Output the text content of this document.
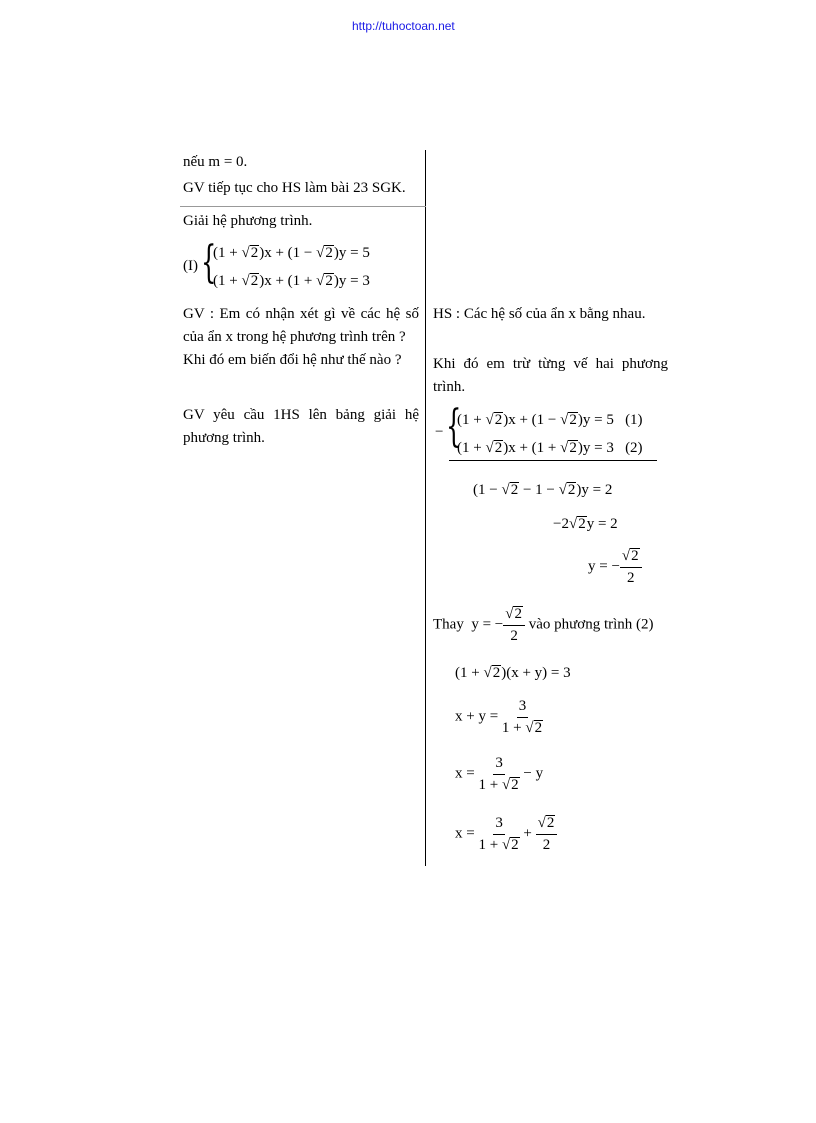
http://tuhoctoan.net
nếu m = 0.
GV tiếp tục cho HS làm bài 23 SGK.
Giải hệ phương trình.
(I) {
(1 + √2)x + (1 − √2)y = 5
(1 + √2)x + (1 + √2)y = 3
GV : Em có nhận xét gì về các hệ số
của ẩn x trong hệ phương trình trên ?
Khi đó em biến đổi hệ như thế nào ?
GV yêu cầu 1HS lên bảng giải hệ
phương trình.
HS : Các hệ số của ẩn x bằng nhau.
Khi đó em trừ từng vế hai phương
trình.
− {
(1 + √2)x + (1 − √2)y = 5   (1)
(1 + √2)x + (1 + √2)y = 3   (2)
(1 − √2 − 1 − √2)y = 2
−2√2y = 2
y = − $\frac{√2}{2}$
Thay  y = − $\frac{√2}{2}$ vào phương trình (2)
(1 + √2)(x + y) = 3
$x + y = \frac{3}{1 + √2}$
$x = \frac{3}{1 + √2} - y$
$x = \frac{3}{1 + √2} + \frac{√2}{2}$
